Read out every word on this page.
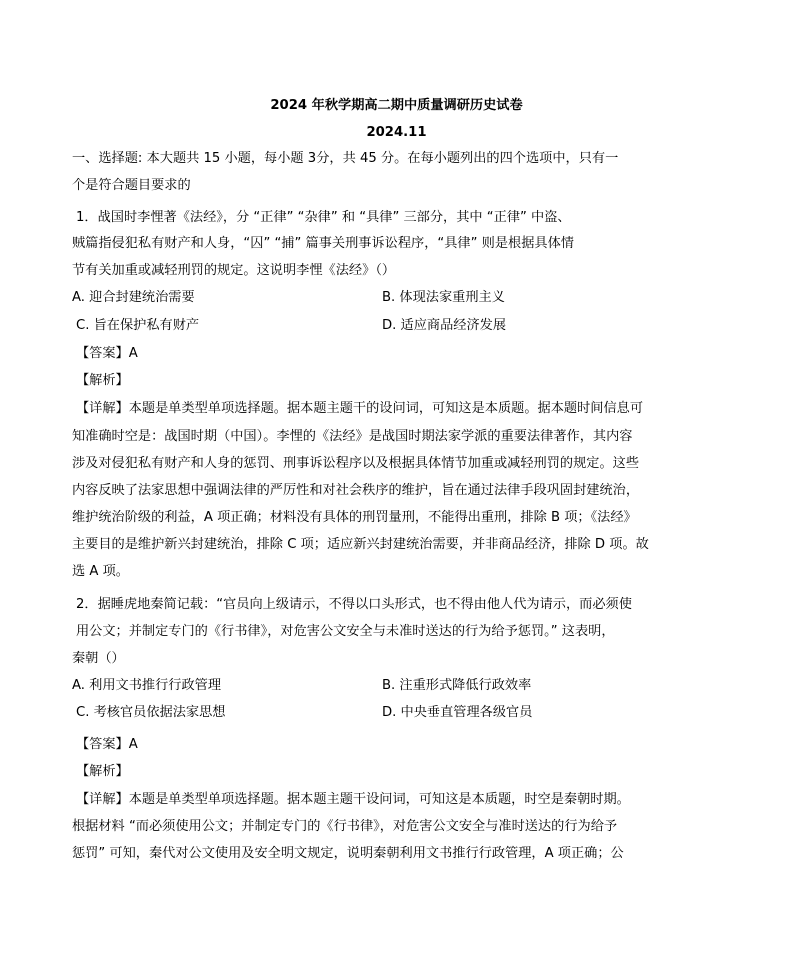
2024 年秋学期高二期中质量调研历史试卷
2024.11
一、选择题: 本大题共 15 小题，每小题 3分，共 45 分。在每小题列出的四个选项中，只有一
个是符合题目要求的
1．战国时李悝著《法经》，分 “正律” “杂律” 和 “具律” 三部分，其中 “正律” 中盗、
贼篇指侵犯私有财产和人身，“囚” “捕” 篇事关刑事诉讼程序，“具律” 则是根据具体情
节有关加重或减轻刑罚的规定。这说明李悝《法经》（）
A. 迎合封建统治需要	B. 体现法家重刑主义
C. 旨在保护私有财产	D. 适应商品经济发展
【答案】A
【解析】
【详解】本题是单类型单项选择题。据本题主题干的设问词，可知这是本质题。据本题时间信息可
知准确时空是：战国时期（中国）。李悝的《法经》是战国时期法家学派的重要法律著作，其内容
涉及对侵犯私有财产和人身的惩罚、刑事诉讼程序以及根据具体情节加重或减轻刑罚的规定。这些
内容反映了法家思想中强调法律的严厉性和对社会秩序的维护，旨在通过法律手段巩固封建统治，
维护统治阶级的利益，A 项正确；材料没有具体的刑罚量刑，不能得出重刑，排除 B 项；《法经》
主要目的是维护新兴封建统治，排除 C 项；适应新兴封建统治需要，并非商品经济，排除 D 项。故
选 A 项。
2．据睡虎地秦简记载：“官员向上级请示，不得以口头形式，也不得由他人代为请示，而必须使
用公文；并制定专门的《行书律》，对危害公文安全与未准时送达的行为给予惩罚。” 这表明，
秦朝（）
A. 利用文书推行行政管理	B. 注重形式降低行政效率
C. 考核官员依据法家思想	D. 中央垂直管理各级官员
【答案】A
【解析】
【详解】本题是单类型单项选择题。据本题主题干设问词，可知这是本质题，时空是秦朝时期。
根据材料 “而必须使用公文；并制定专门的《行书律》，对危害公文安全与准时送达的行为给予
惩罚” 可知，秦代对公文使用及安全明文规定，说明秦朝利用文书推行行政管理，A 项正确；公
